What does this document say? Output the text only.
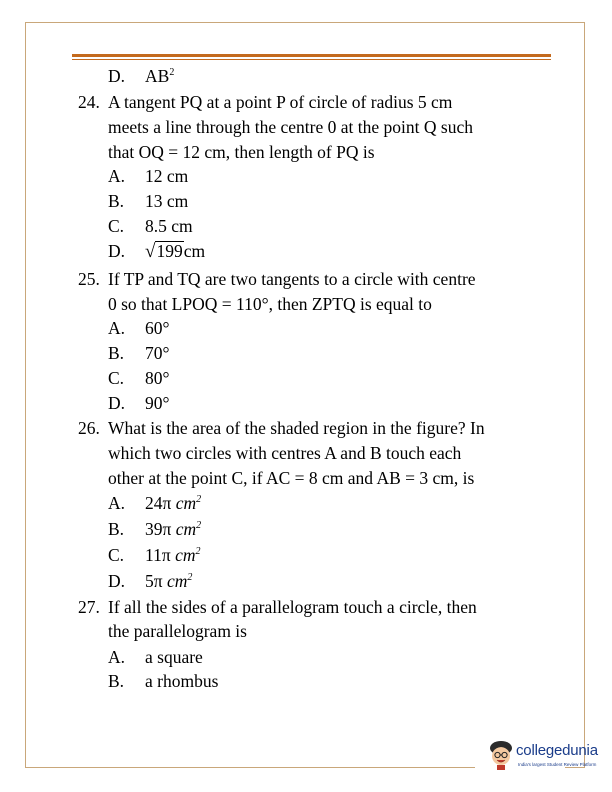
D. $AB^2$
24. A tangent PQ at a point P of circle of radius 5 cm
meets a line through the centre 0 at the point Q such
that OQ = 12 cm, then length of PQ is
A. 12 cm
B. 13 cm
C. 8.5 cm
D. √199cm
25. If TP and TQ are two tangents to a circle with centre
0 so that LPOQ = 110°, then ZPTQ is equal to
A. 60°
B. 70°
C. 80°
D. 90°
26. What is the area of the shaded region in the figure? In
which two circles with centres A and B touch each
other at the point C, if AC = 8 cm and AB = 3 cm, is
A. 24π $cm^2$
B. 39π $cm^2$
C. 11π $cm^2$
D. 5π $cm^2$
27. If all the sides of a parallelogram touch a circle, then
the parallelogram is
A. a square
B. a rhombus
collegedunia
India's largest Student Review Platform
